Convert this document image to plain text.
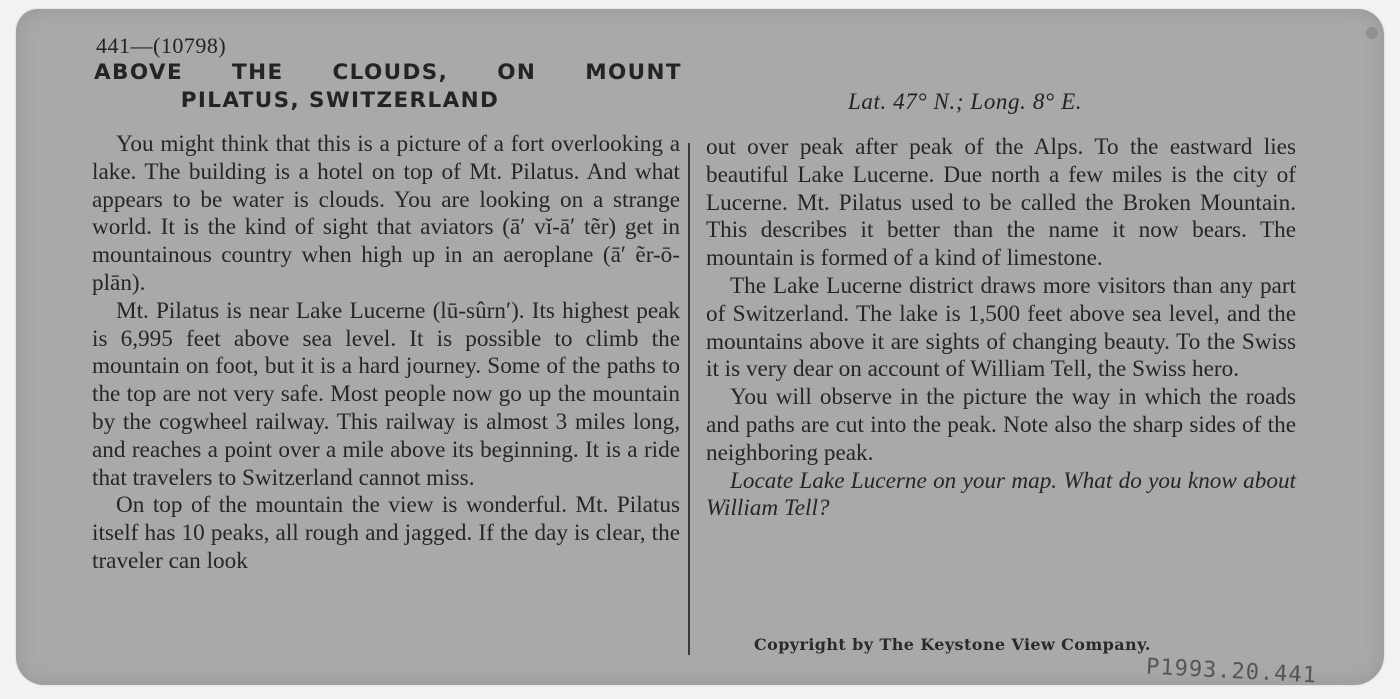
441—(10798)
ABOVE THE CLOUDS, ON MOUNT
PILATUS, SWITZERLAND	Lat. 47° N.; Long. 8° E.

You might think that this is a picture of a fort overlooking a lake. The building is a hotel on top of Mt. Pilatus. And what appears to be water is clouds. You are looking on a strange world. It is the kind of sight that aviators (ā′ vĭ-ā′ tẽr) get in mountainous country when high up in an aeroplane (ā′ ẽr-ō-plān).

Mt. Pilatus is near Lake Lucerne (lū-sûrn′). Its highest peak is 6,995 feet above sea level. It is possible to climb the mountain on foot, but it is a hard journey. Some of the paths to the top are not very safe. Most people now go up the mountain by the cogwheel railway. This railway is almost 3 miles long, and reaches a point over a mile above its beginning. It is a ride that travelers to Switzerland cannot miss.

On top of the mountain the view is wonderful. Mt. Pilatus itself has 10 peaks, all rough and jagged. If the day is clear, the traveler can look

out over peak after peak of the Alps. To the eastward lies beautiful Lake Lucerne. Due north a few miles is the city of Lucerne. Mt. Pilatus used to be called the Broken Mountain. This describes it better than the name it now bears. The mountain is formed of a kind of limestone.

The Lake Lucerne district draws more visitors than any part of Switzerland. The lake is 1,500 feet above sea level, and the mountains above it are sights of changing beauty. To the Swiss it is very dear on account of William Tell, the Swiss hero.

You will observe in the picture the way in which the roads and paths are cut into the peak. Note also the sharp sides of the neighboring peak.

Locate Lake Lucerne on your map. What do you know about William Tell?

Copyright by The Keystone View Company.
P1993.20.441
